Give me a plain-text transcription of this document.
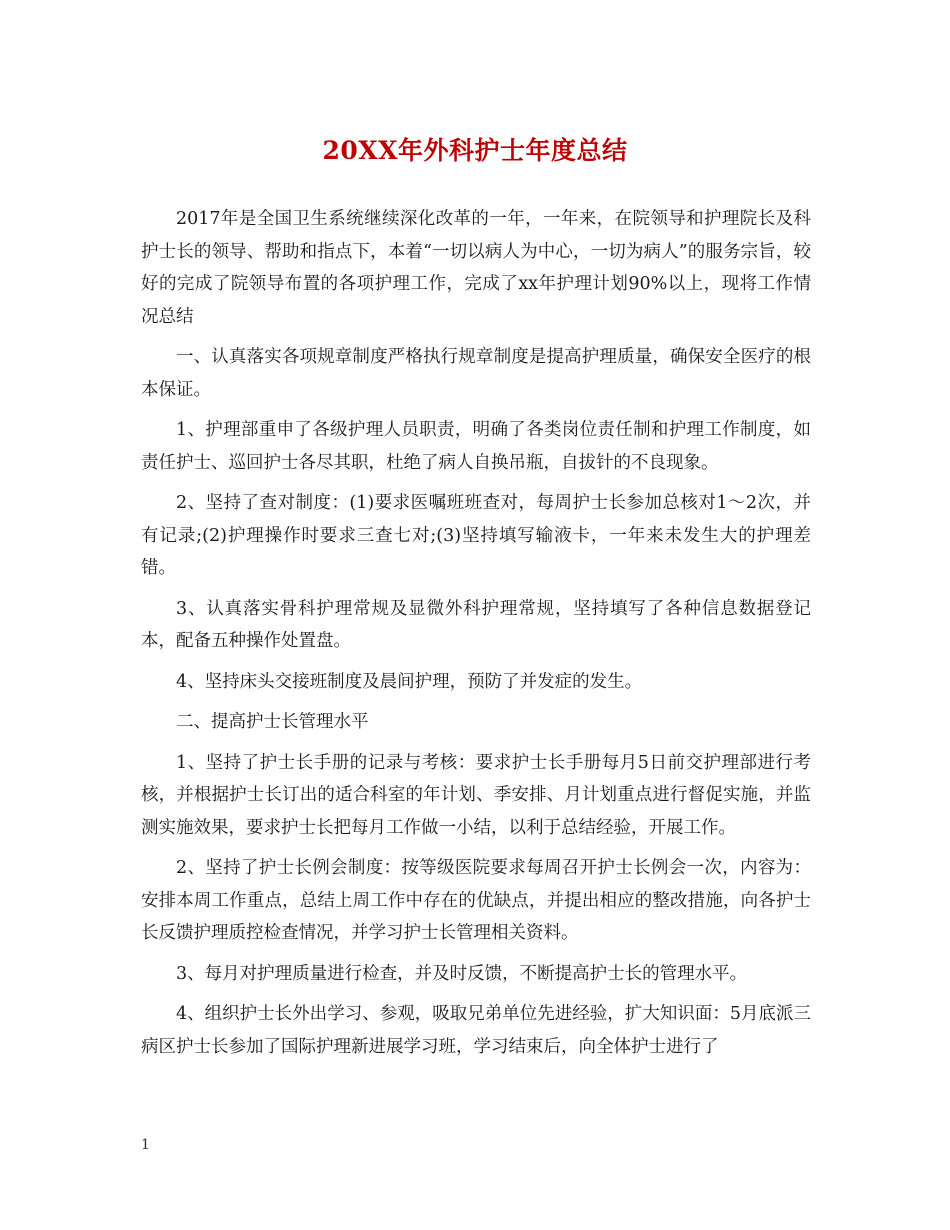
20XX年外科护士年度总结

2017年是全国卫生系统继续深化改革的一年，一年来，在院领导和护理院长及科护士长的领导、帮助和指点下，本着“一切以病人为中心，一切为病人”的服务宗旨，较好的完成了院领导布置的各项护理工作，完成了xx年护理计划90%以上，现将工作情况总结

一、认真落实各项规章制度严格执行规章制度是提高护理质量，确保安全医疗的根本保证。

1、护理部重申了各级护理人员职责，明确了各类岗位责任制和护理工作制度，如责任护士、巡回护士各尽其职，杜绝了病人自换吊瓶，自拔针的不良现象。

2、坚持了查对制度：(1)要求医嘱班班查对，每周护士长参加总核对1～2次，并有记录;(2)护理操作时要求三查七对;(3)坚持填写输液卡，一年来未发生大的护理差错。

3、认真落实骨科护理常规及显微外科护理常规，坚持填写了各种信息数据登记本，配备五种操作处置盘。

4、坚持床头交接班制度及晨间护理，预防了并发症的发生。

二、提高护士长管理水平

1、坚持了护士长手册的记录与考核：要求护士长手册每月5日前交护理部进行考核，并根据护士长订出的适合科室的年计划、季安排、月计划重点进行督促实施，并监测实施效果，要求护士长把每月工作做一小结，以利于总结经验，开展工作。

2、坚持了护士长例会制度：按等级医院要求每周召开护士长例会一次，内容为：安排本周工作重点，总结上周工作中存在的优缺点，并提出相应的整改措施，向各护士长反馈护理质控检查情况，并学习护士长管理相关资料。

3、每月对护理质量进行检查，并及时反馈，不断提高护士长的管理水平。

4、组织护士长外出学习、参观，吸取兄弟单位先进经验，扩大知识面：5月底派三病区护士长参加了国际护理新进展学习班，学习结束后，向全体护士进行了

1
